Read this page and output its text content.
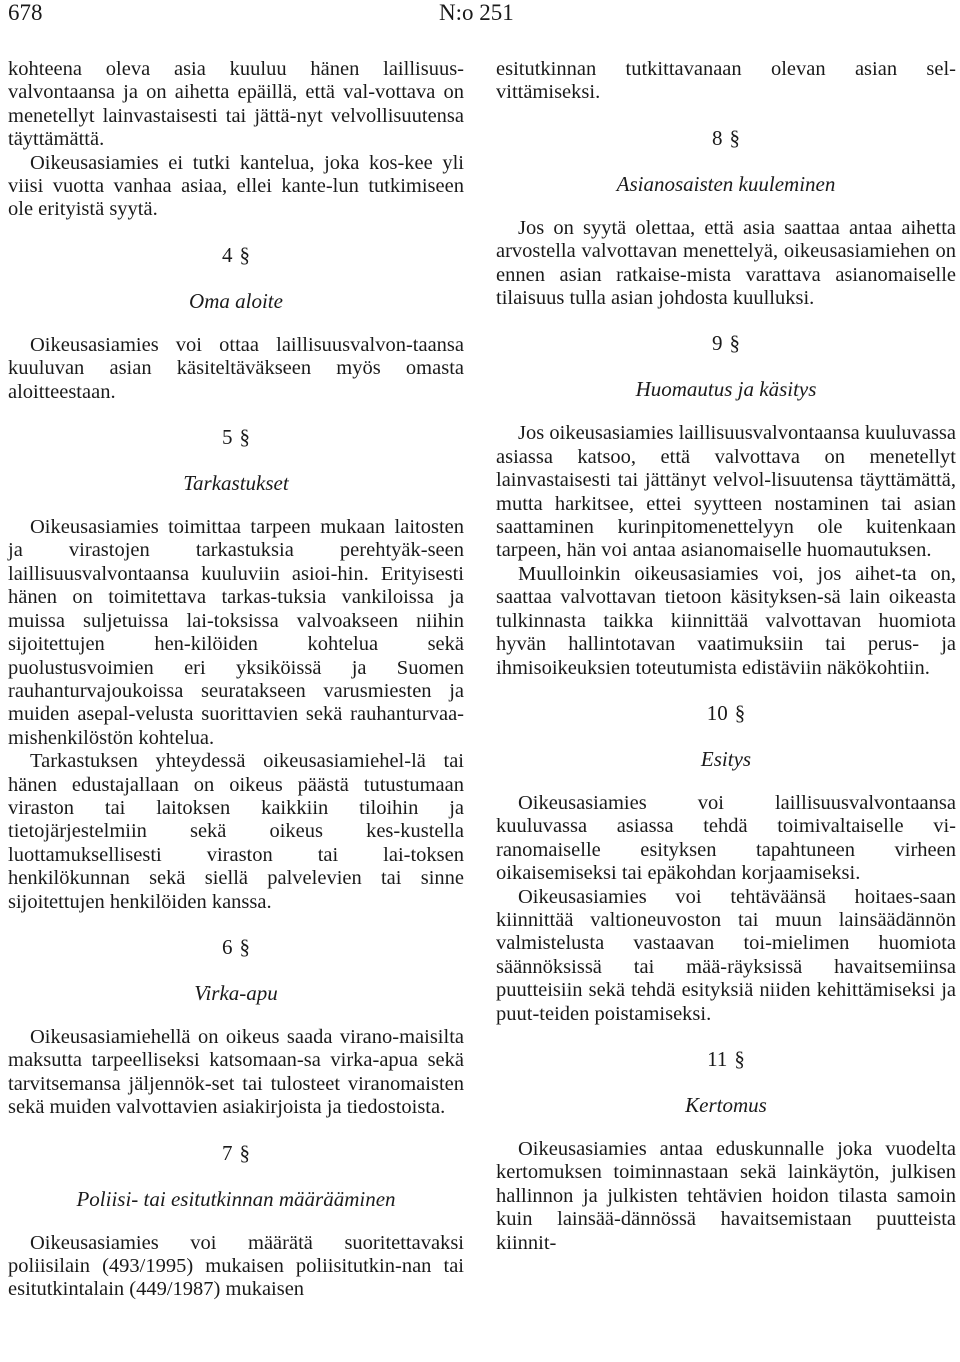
678	N:o 251

kohteena oleva asia kuuluu hänen laillisuus-valvontaansa ja on aihetta epäillä, että val-vottava on menetellyt lainvastaisesti tai jättä-nyt velvollisuutensa täyttämättä.

Oikeusasiamies ei tutki kantelua, joka kos-kee yli viisi vuotta vanhaa asiaa, ellei kante-lun tutkimiseen ole erityistä syytä.

4 §
Oma aloite

Oikeusasiamies voi ottaa laillisuusvalvon-taansa kuuluvan asian käsiteltäväkseen myös omasta aloitteestaan.

5 §
Tarkastukset

Oikeusasiamies toimittaa tarpeen mukaan laitosten ja virastojen tarkastuksia perehtyäk-seen laillisuusvalvontaansa kuuluviin asioi-hin. Erityisesti hänen on toimitettava tarkas-tuksia vankiloissa ja muissa suljetuissa lai-toksissa valvoakseen niihin sijoitettujen hen-kilöiden kohtelua sekä puolustusvoimien eri yksiköissä ja Suomen rauhanturvajoukoissa seuratakseen varusmiesten ja muiden asepal-velusta suorittavien sekä rauhanturvaa-mishenkilöstön kohtelua.

Tarkastuksen yhteydessä oikeusasiamiehel-lä tai hänen edustajallaan on oikeus päästä tutustumaan viraston tai laitoksen kaikkiin tiloihin ja tietojärjestelmiin sekä oikeus kes-kustella luottamuksellisesti viraston tai lai-toksen henkilökunnan sekä siellä palvelevien tai sinne sijoitettujen henkilöiden kanssa.

6 §
Virka-apu

Oikeusasiamiehellä on oikeus saada virano-maisilta maksutta tarpeelliseksi katsomaan-sa virka-apua sekä tarvitsemansa jäljennök-set tai tulosteet viranomaisten sekä muiden valvottavien asiakirjoista ja tiedostoista.

7 §
Poliisi- tai esitutkinnan määrääminen

Oikeusasiamies voi määrätä suoritettavaksi poliisilain (493/1995) mukaisen poliisitutkin-nan tai esitutkintalain (449/1987) mukaisen

esitutkinnan tutkittavanaan olevan asian sel-vittämiseksi.

8 §
Asianosaisten kuuleminen

Jos on syytä olettaa, että asia saattaa antaa aihetta arvostella valvottavan menettelyä, oikeusasiamiehen on ennen asian ratkaise-mista varattava asianomaiselle tilaisuus tulla asian johdosta kuulluksi.

9 §
Huomautus ja käsitys

Jos oikeusasiamies laillisuusvalvontaansa kuuluvassa asiassa katsoo, että valvottava on menetellyt lainvastaisesti tai jättänyt velvol-lisuutensa täyttämättä, mutta harkitsee, ettei syytteen nostaminen tai asian saattaminen kurinpitomenettelyyn ole kuitenkaan tarpeen, hän voi antaa asianomaiselle huomautuksen.

Muulloinkin oikeusasiamies voi, jos aihet-ta on, saattaa valvottavan tietoon käsityksen-sä lain oikeasta tulkinnasta taikka kiinnittää valvottavan huomiota hyvän hallintotavan vaatimuksiin tai perus- ja ihmisoikeuksien toteutumista edistäviin näkökohtiin.

10 §
Esitys

Oikeusasiamies voi laillisuusvalvontaansa kuuluvassa asiassa tehdä toimivaltaiselle vi-ranomaiselle esityksen tapahtuneen virheen oikaisemiseksi tai epäkohdan korjaamiseksi.

Oikeusasiamies voi tehtäväänsä hoitaes-saan kiinnittää valtioneuvoston tai muun lainsäädännön valmistelusta vastaavan toi-mielimen huomiota säännöksissä tai mää-räyksissä havaitsemiinsa puutteisiin sekä tehdä esityksiä niiden kehittämiseksi ja puut-teiden poistamiseksi.

11 §
Kertomus

Oikeusasiamies antaa eduskunnalle joka vuodelta kertomuksen toiminnastaan sekä lainkäytön, julkisen hallinnon ja julkisten tehtävien hoidon tilasta samoin kuin lainsää-dännössä havaitsemistaan puutteista kiinnit-
